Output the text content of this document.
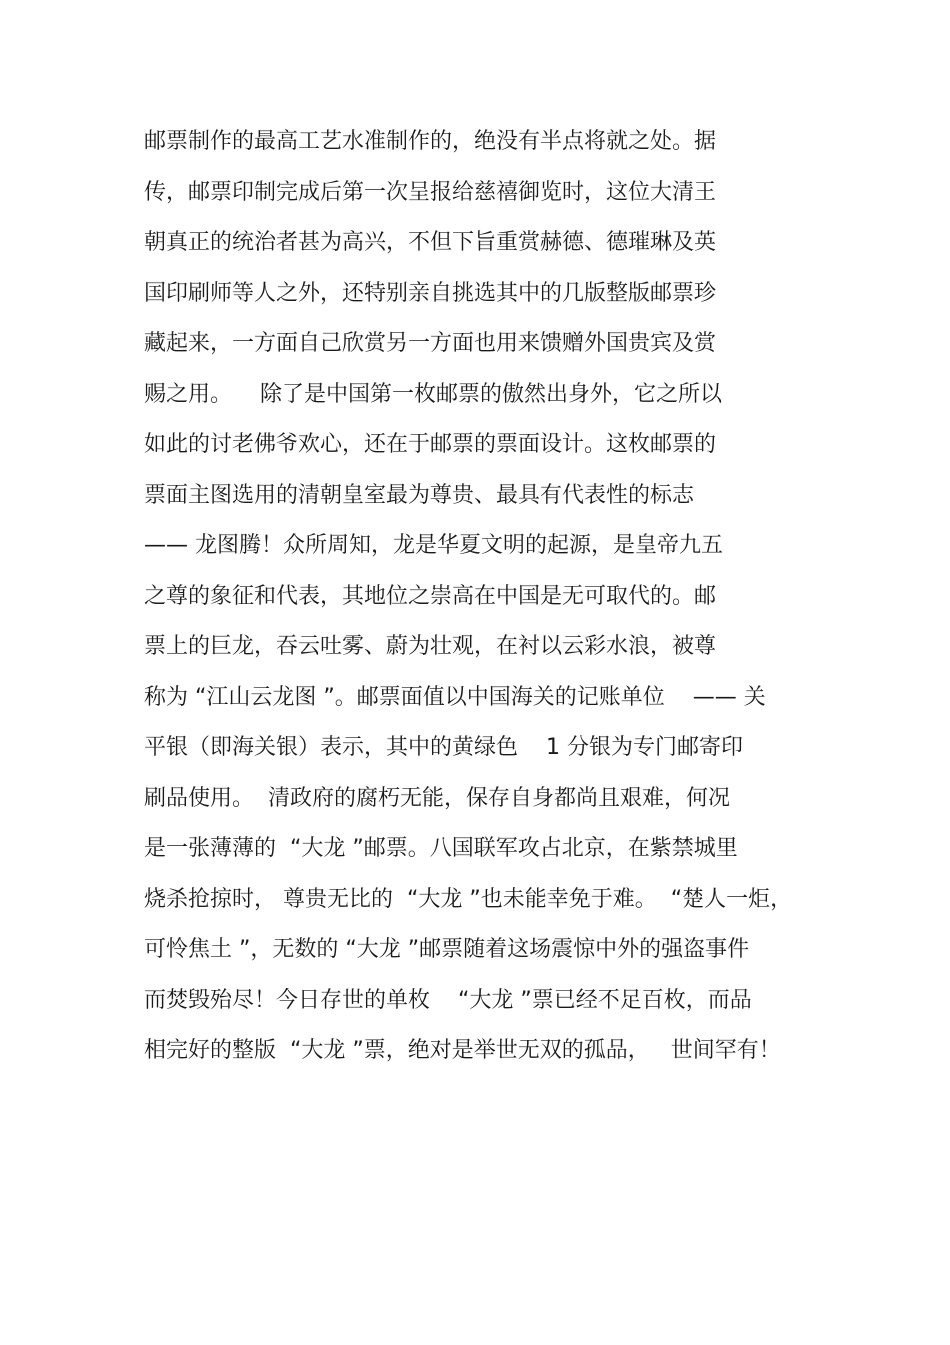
邮票制作的最高工艺水准制作的，绝没有半点将就之处。据
传，邮票印制完成后第一次呈报给慈禧御览时，这位大清王
朝真正的统治者甚为高兴，不但下旨重赏赫德、德璀琳及英
国印刷师等人之外，还特别亲自挑选其中的几版整版邮票珍
藏起来，一方面自己欣赏另一方面也用来馈赠外国贵宾及赏
赐之用。    除了是中国第一枚邮票的傲然出身外，它之所以
如此的讨老佛爷欢心，还在于邮票的票面设计。这枚邮票的
票面主图选用的清朝皇室最为尊贵、最具有代表性的标志
—— 龙图腾！众所周知，龙是华夏文明的起源，是皇帝九五
之尊的象征和代表，其地位之崇高在中国是无可取代的。邮
票上的巨龙，吞云吐雾、蔚为壮观，在衬以云彩水浪，被尊
称为 “江山云龙图 ”。邮票面值以中国海关的记账单位    —— 关
平银（即海关银）表示，其中的黄绿色    1 分银为专门邮寄印
刷品使用。  清政府的腐朽无能，保存自身都尚且艰难，何况
是一张薄薄的  “大龙 ”邮票。八国联军攻占北京，在紫禁城里
烧杀抢掠时， 尊贵无比的  “大龙 ”也未能幸免于难。  “楚人一炬，
可怜焦土 ”，无数的 “大龙 ”邮票随着这场震惊中外的强盗事件
而焚毁殆尽！今日存世的单枚    “大龙 ”票已经不足百枚，而品
相完好的整版  “大龙 ”票，绝对是举世无双的孤品，   世间罕有！
